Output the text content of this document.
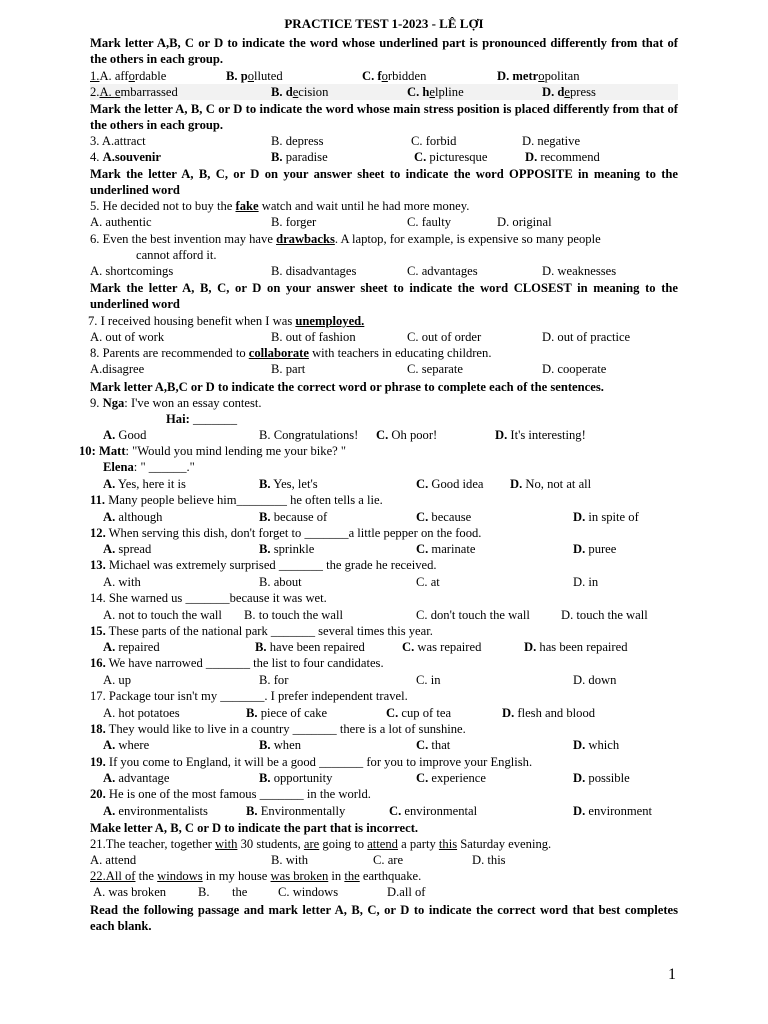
PRACTICE TEST 1-2023 - LÊ LỢI
Mark letter A,B, C or D to indicate the word whose underlined part is pronounced differently from that of the others in each group.
1.A. affordable	B. polluted	C. forbidden	D. metropolitan
2.A. embarrassed	B. decision	C. helpline	D. depress
Mark the letter A, B, C or D to indicate the word whose main stress position is placed differently from that of the others in each group.
3. A.attract	B. depress	C. forbid	D. negative
4. A.souvenir	B. paradise	C. picturesque	D. recommend
Mark the letter A, B, C, or D on your answer sheet to indicate the word OPPOSITE in meaning to the underlined word
5. He decided not to buy the fake watch and wait until he had more money.
A. authentic	B. forger	C. faulty	D. original
6. Even the best invention may have drawbacks. A laptop, for example, is expensive so many people
cannot afford it.
A. shortcomings	B. disadvantages	C. advantages	D. weaknesses
Mark the letter A, B, C, or D on your answer sheet to indicate the word CLOSEST in meaning to the underlined word
7. I received housing benefit when I was unemployed.
A. out of work	B. out of fashion	C. out of order	D. out of practice
8. Parents are recommended to collaborate with teachers in educating children.
A.disagree	B. part	C. separate	D. cooperate
Mark letter A,B,C or D to indicate the correct word or phrase to complete each of the sentences.
9. Nga: I've won an essay contest.
Hai: _______
A. Good	B. Congratulations! C. Oh poor!	D. It's interesting!
10: Matt: "Would you mind lending me your bike? "
Elena: " ______."
A. Yes, here it is	B. Yes, let's	C. Good idea D. No, not at all
11. Many people believe him________ he often tells a lie.
A. although	B. because of	C. because	D. in spite of
12. When serving this dish, don't forget to _______a little pepper on the food.
A. spread	B. sprinkle	C. marinate	D. puree
13. Michael was extremely surprised _______ the grade he received.
A. with	B. about	C. at	D. in
14. She warned us _______because it was wet.
A. not to touch the wall B. to touch the wall	C. don't touch the wall D. touch the wall
15. These parts of the national park _______ several times this year.
A. repaired	B. have been repaired	C. was repaired	D. has been repaired
16. We have narrowed _______ the list to four candidates.
A. up	B. for	C. in	D. down
17. Package tour isn't my _______. I prefer independent travel.
A. hot potatoes	B. piece of cake	C. cup of tea	D. flesh and blood
18. They would like to live in a country _______ there is a lot of sunshine.
A. where	B. when	C. that	D. which
19. If you come to England, it will be a good _______ for you to improve your English.
A. advantage	B. opportunity	C. experience	D. possible
20. He is one of the most famous _______ in the world.
A. environmentalists	B. Environmentally	C. environmental	D. environment
Make letter A, B, C or D to indicate the part that is incorrect.
21.The teacher, together with 30 students, are going to attend a party this Saturday evening.
A. attend	B. with	C. are	D. this
22.All of the windows in my house was broken in the earthquake.
A. was broken	B. the C. windows	D.all of
Read the following passage and mark letter A, B, C, or D to indicate the correct word that best completes each blank.
1
